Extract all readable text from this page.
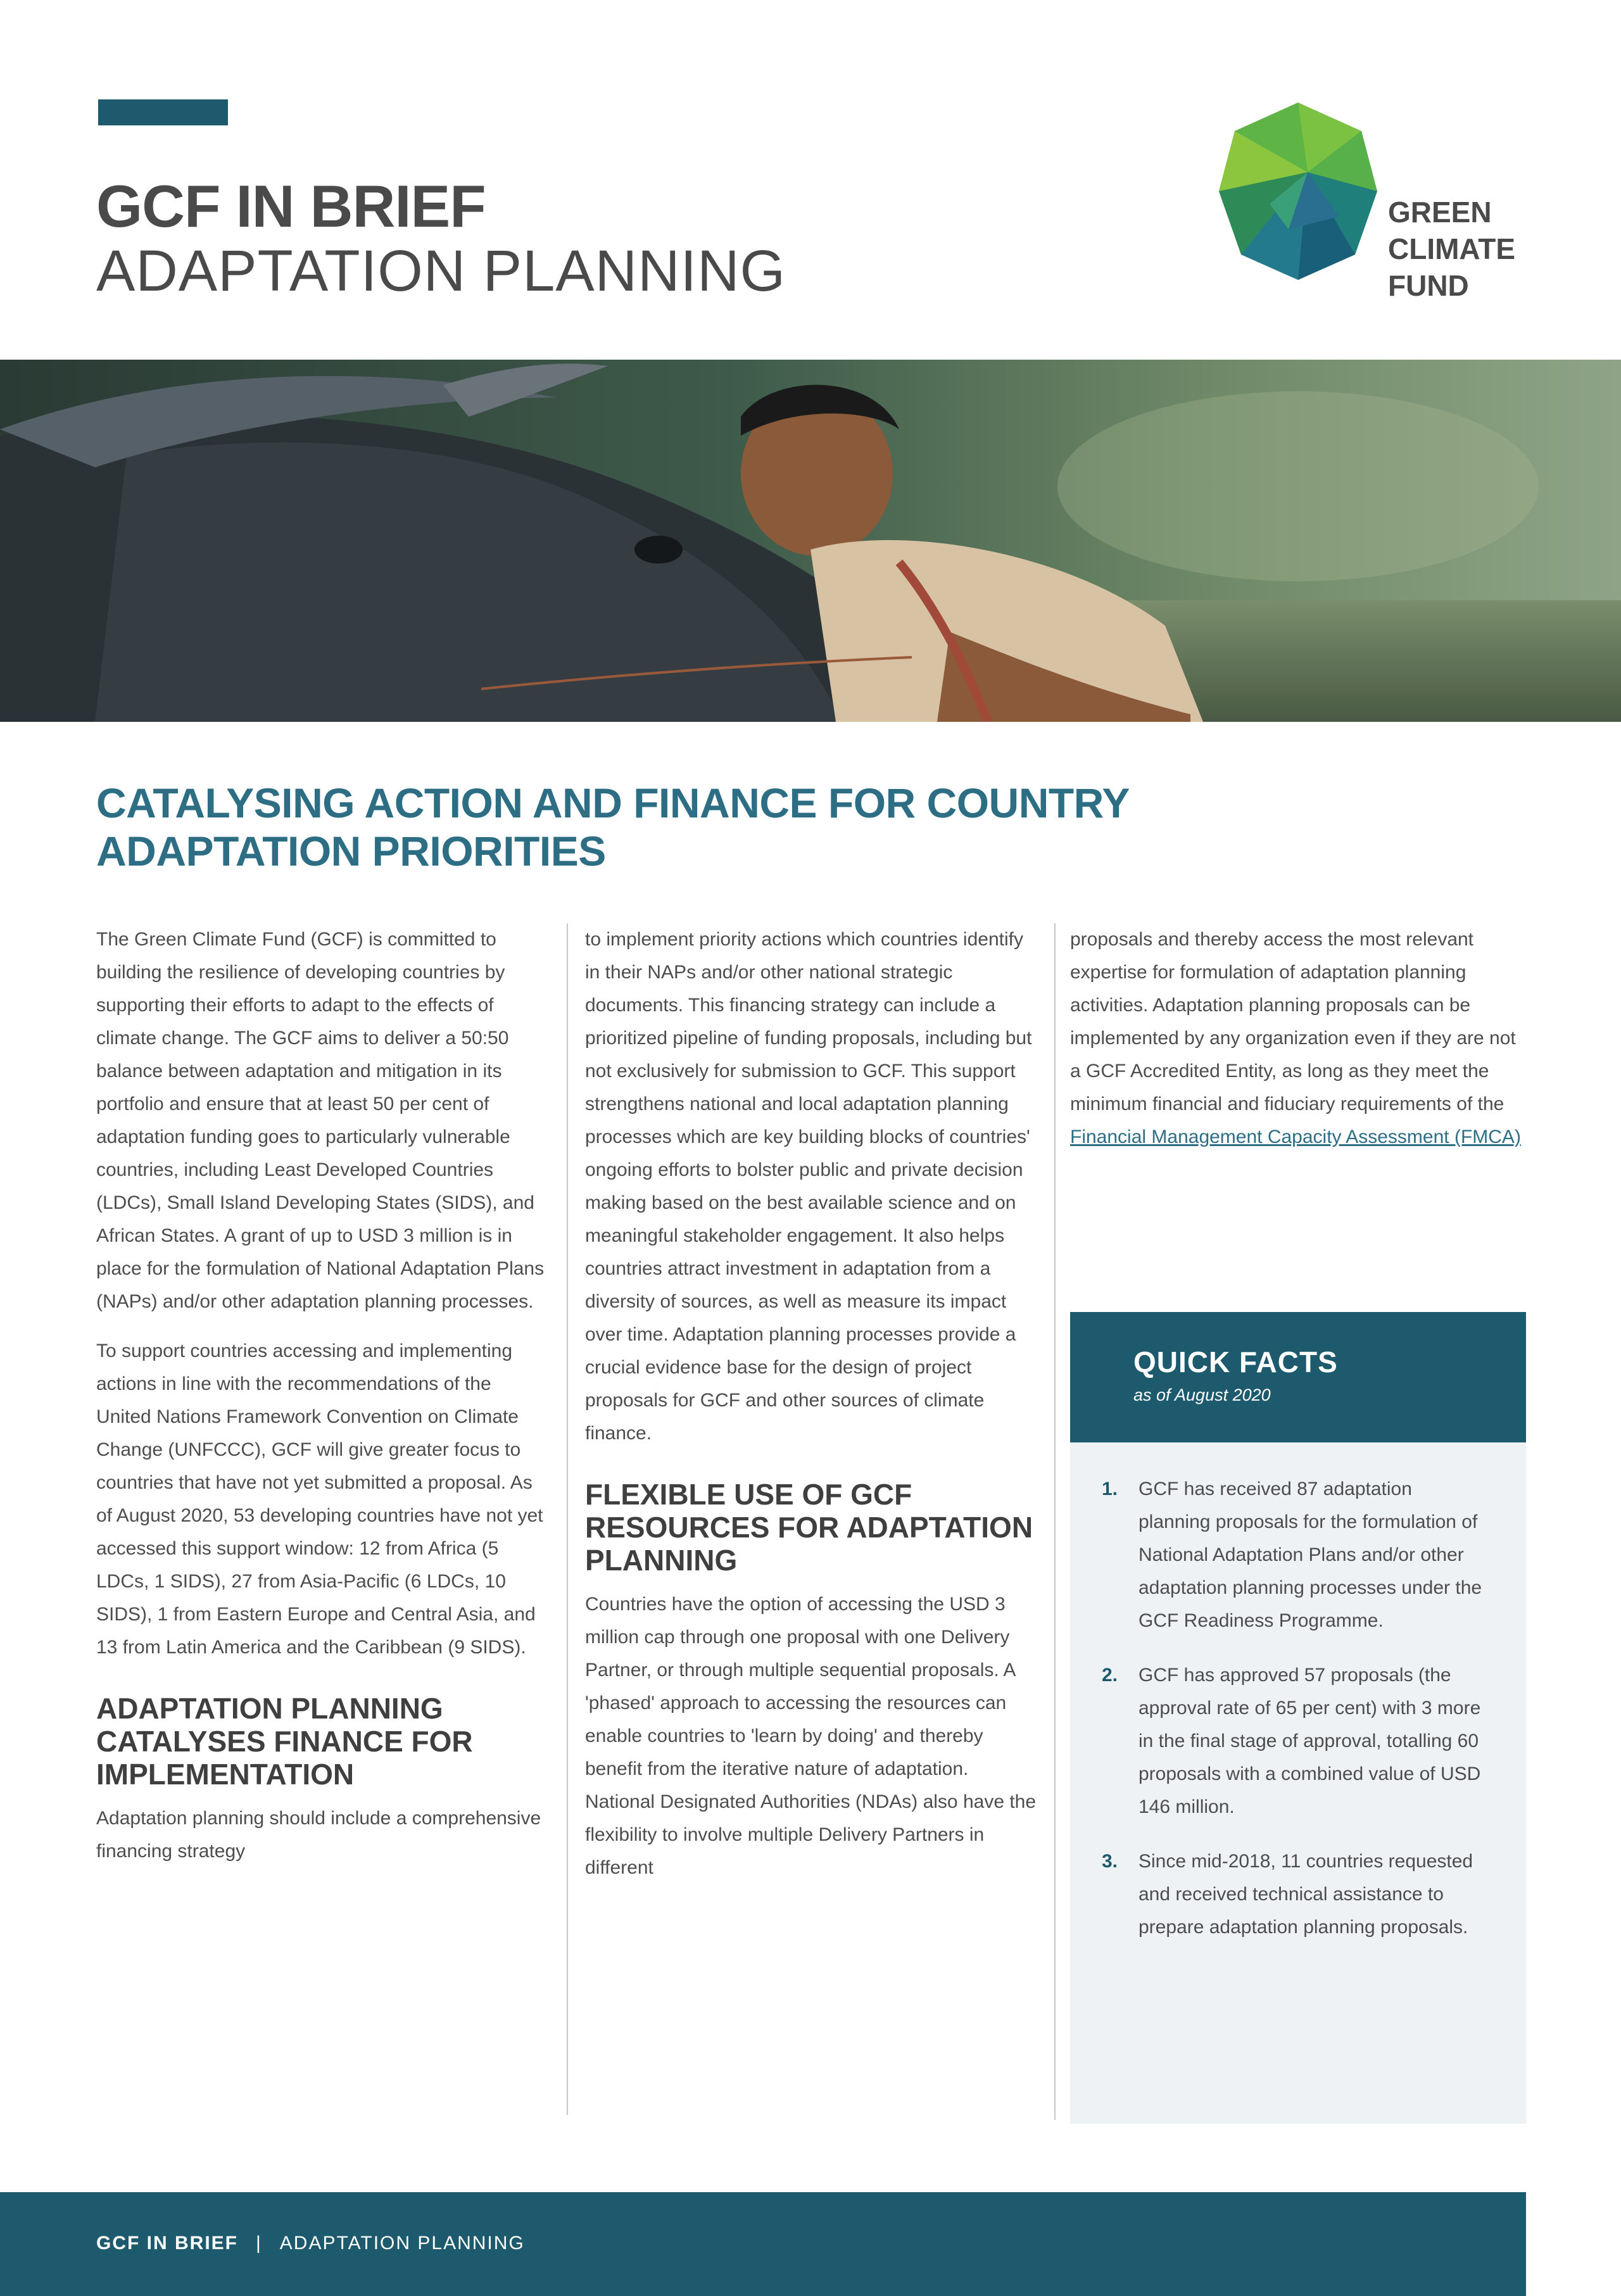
GCF IN BRIEF
ADAPTATION PLANNING
GREEN
CLIMATE
FUND
CATALYSING ACTION AND FINANCE FOR COUNTRY ADAPTATION PRIORITIES

The Green Climate Fund (GCF) is committed to building the resilience of developing countries by supporting their efforts to adapt to the effects of climate change. The GCF aims to deliver a 50:50 balance between adaptation and mitigation in its portfolio and ensure that at least 50 per cent of adaptation funding goes to particularly vulnerable countries, including Least Developed Countries (LDCs), Small Island Developing States (SIDS), and African States. A grant of up to USD 3 million is in place for the formulation of National Adaptation Plans (NAPs) and/or other adaptation planning processes.

To support countries accessing and implementing actions in line with the recommendations of the United Nations Framework Convention on Climate Change (UNFCCC), GCF will give greater focus to countries that have not yet submitted a proposal. As of August 2020, 53 developing countries have not yet accessed this support window: 12 from Africa (5 LDCs, 1 SIDS), 27 from Asia-Pacific (6 LDCs, 10 SIDS), 1 from Eastern Europe and Central Asia, and 13 from Latin America and the Caribbean (9 SIDS).

ADAPTATION PLANNING CATALYSES FINANCE FOR IMPLEMENTATION

Adaptation planning should include a comprehensive financing strategy

to implement priority actions which countries identify in their NAPs and/or other national strategic documents. This financing strategy can include a prioritized pipeline of funding proposals, including but not exclusively for submission to GCF. This support strengthens national and local adaptation planning processes which are key building blocks of countries' ongoing efforts to bolster public and private decision making based on the best available science and on meaningful stakeholder engagement. It also helps countries attract investment in adaptation from a diversity of sources, as well as measure its impact over time. Adaptation planning processes provide a crucial evidence base for the design of project proposals for GCF and other sources of climate finance.

FLEXIBLE USE OF GCF RESOURCES FOR ADAPTATION PLANNING

Countries have the option of accessing the USD 3 million cap through one proposal with one Delivery Partner, or through multiple sequential proposals. A 'phased' approach to accessing the resources can enable countries to 'learn by doing' and thereby benefit from the iterative nature of adaptation. National Designated Authorities (NDAs) also have the flexibility to involve multiple Delivery Partners in different

proposals and thereby access the most relevant expertise for formulation of adaptation planning activities. Adaptation planning proposals can be implemented by any organization even if they are not a GCF Accredited Entity, as long as they meet the minimum financial and fiduciary requirements of the Financial Management Capacity Assessment (FMCA)

QUICK FACTS
as of August 2020
1.	GCF has received 87 adaptation planning proposals for the formulation of National Adaptation Plans and/or other adaptation planning processes under the GCF Readiness Programme.
2.	GCF has approved 57 proposals (the approval rate of 65 per cent) with 3 more in the final stage of approval, totalling 60 proposals with a combined value of USD 146 million.
3.	Since mid-2018, 11 countries requested and received technical assistance to prepare adaptation planning proposals.
GCF IN BRIEF | ADAPTATION PLANNING
